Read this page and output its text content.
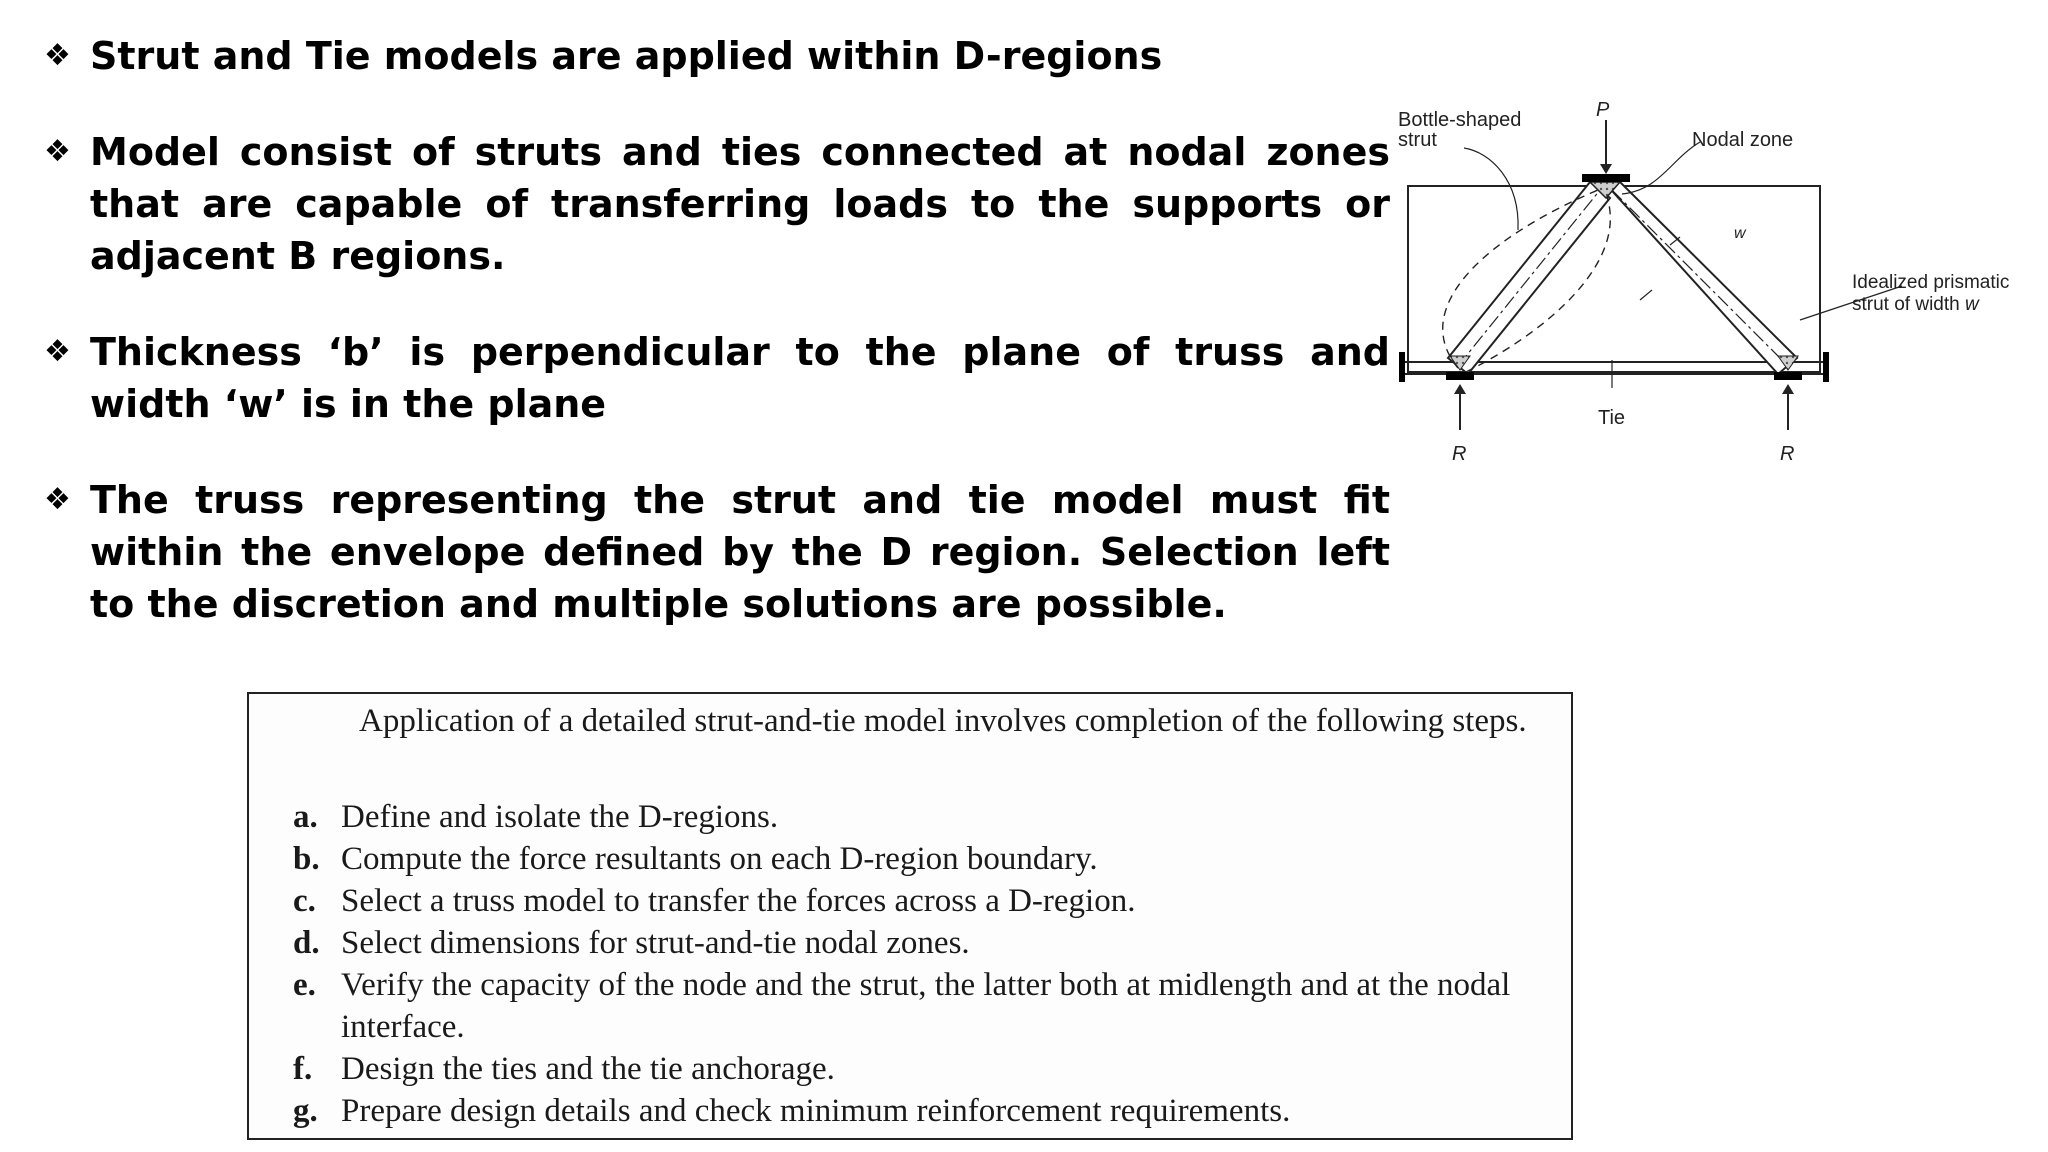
❖ Strut and Tie models are applied within D-regions
❖ Model consist of struts and ties connected at nodal zones that are capable of transferring loads to the supports or adjacent B regions.
❖ Thickness ‘b’ is perpendicular to the plane of truss and width ‘w’ is in the plane
❖ The truss representing the strut and tie model must fit within the envelope defined by the D region. Selection left to the discretion and multiple solutions are possible.
Bottle-shaped
strut
P
Nodal zone
w
Idealized prismatic
strut of width w
Tie
R	R
Application of a detailed strut-and-tie model involves completion of the following steps.
a. Define and isolate the D-regions.
b. Compute the force resultants on each D-region boundary.
c. Select a truss model to transfer the forces across a D-region.
d. Select dimensions for strut-and-tie nodal zones.
e. Verify the capacity of the node and the strut, the latter both at midlength and at the nodal interface.
f. Design the ties and the tie anchorage.
g. Prepare design details and check minimum reinforcement requirements.
